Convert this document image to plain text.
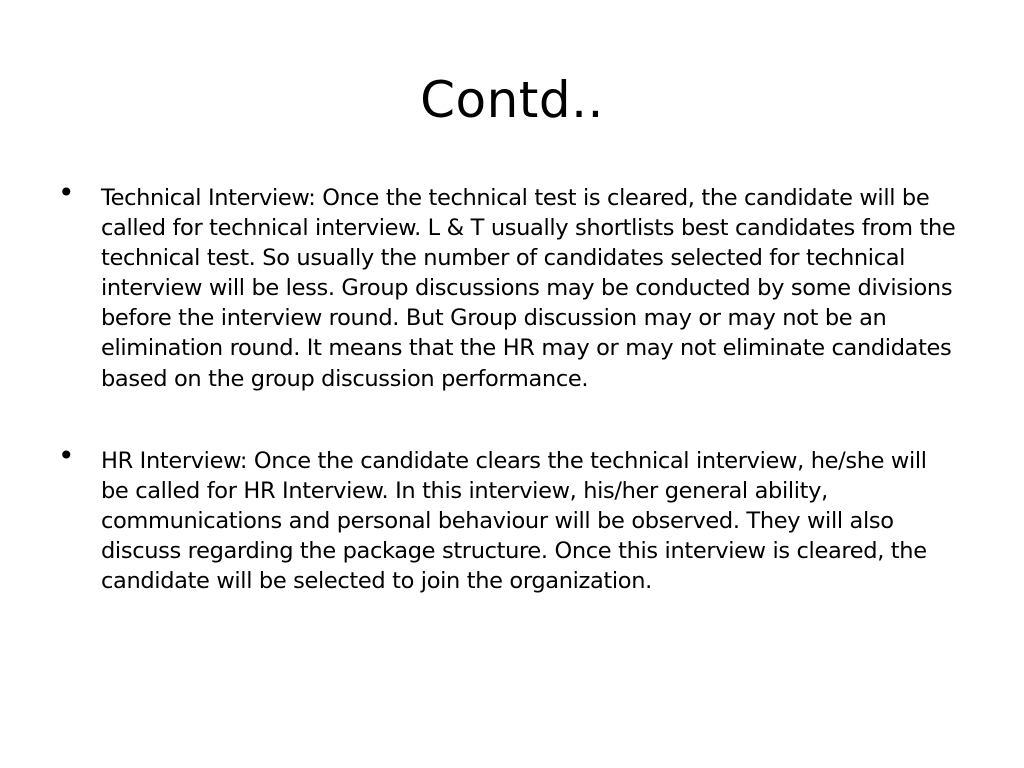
Contd..
• Technical Interview: Once the technical test is cleared, the candidate will be called for technical interview. L & T usually shortlists best candidates from the technical test. So usually the number of candidates selected for technical interview will be less. Group discussions may be conducted by some divisions before the interview round. But Group discussion may or may not be an elimination round. It means that the HR may or may not eliminate candidates based on the group discussion performance.
• HR Interview: Once the candidate clears the technical interview, he/she will be called for HR Interview. In this interview, his/her general ability, communications and personal behaviour will be observed. They will also discuss regarding the package structure. Once this interview is cleared, the candidate will be selected to join the organization.
